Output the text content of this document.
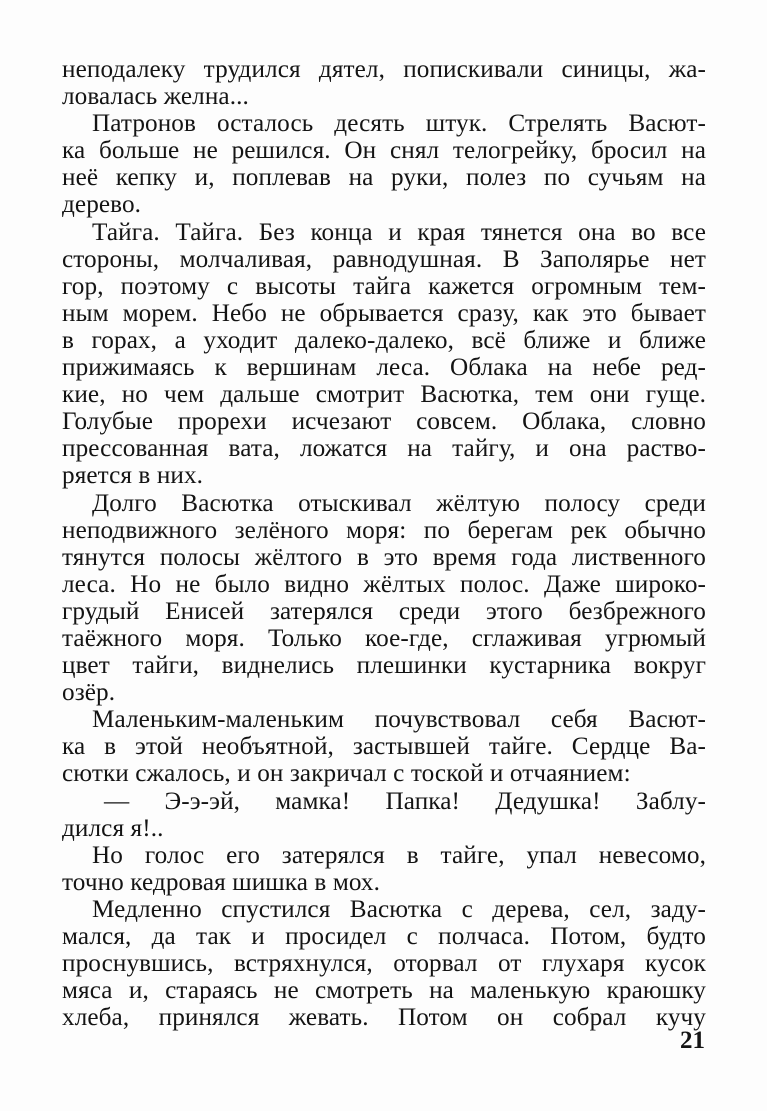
неподалеку трудился дятел, попискивали синицы, жа-
ловалась желна...
Патронов осталось десять штук. Стрелять Васют-
ка больше не решился. Он снял телогрейку, бросил на
неё кепку и, поплевав на руки, полез по сучьям на
дерево.
Тайга. Тайга. Без конца и края тянется она во все
стороны, молчаливая, равнодушная. В Заполярье нет
гор, поэтому с высоты тайга кажется огромным тем-
ным морем. Небо не обрывается сразу, как это бывает
в горах, а уходит далеко-далеко, всё ближе и ближе
прижимаясь к вершинам леса. Облака на небе ред-
кие, но чем дальше смотрит Васютка, тем они гуще.
Голубые прорехи исчезают совсем. Облака, словно
прессованная вата, ложатся на тайгу, и она раство-
ряется в них.
Долго Васютка отыскивал жёлтую полосу среди
неподвижного зелёного моря: по берегам рек обычно
тянутся полосы жёлтого в это время года лиственного
леса. Но не было видно жёлтых полос. Даже широко-
грудый Енисей затерялся среди этого безбрежного
таёжного моря. Только кое-где, сглаживая угрюмый
цвет тайги, виднелись плешинки кустарника вокруг
озёр.
Маленьким-маленьким почувствовал себя Васют-
ка в этой необъятной, застывшей тайге. Сердце Ва-
сютки сжалось, и он закричал с тоской и отчаянием:
— Э-э-эй, мамка! Папка! Дедушка! Заблу-
дился я!..
Но голос его затерялся в тайге, упал невесомо,
точно кедровая шишка в мох.
Медленно спустился Васютка с дерева, сел, заду-
мался, да так и просидел с полчаса. Потом, будто
проснувшись, встряхнулся, оторвал от глухаря кусок
мяса и, стараясь не смотреть на маленькую краюшку
хлеба, принялся жевать. Потом он собрал кучу
21
